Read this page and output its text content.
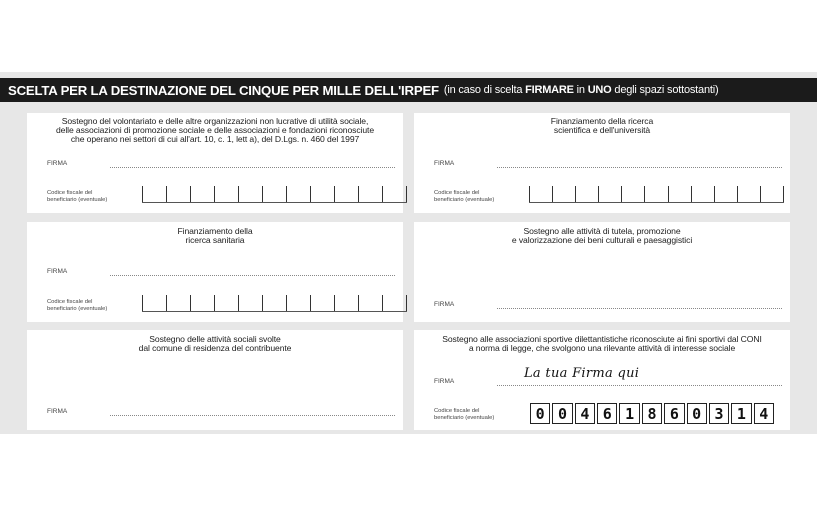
SCELTA PER LA DESTINAZIONE DEL CINQUE PER MILLE DELL'IRPEF (in caso di scelta FIRMARE in UNO degli spazi sottostanti)
Sostegno del volontariato e delle altre organizzazioni non lucrative di utilità sociale,
delle associazioni di promozione sociale e delle associazioni e fondazioni riconosciute
che operano nei settori di cui all'art. 10, c. 1, lett a), del D.Lgs. n. 460 del 1997
FIRMA
Codice fiscale del
beneficiario (eventuale)
Finanziamento della ricerca
scientifica e dell'università
FIRMA
Codice fiscale del
beneficiario (eventuale)
Finanziamento della
ricerca sanitaria
FIRMA
Codice fiscale del
beneficiario (eventuale)
Sostegno alle attività di tutela, promozione
e valorizzazione dei beni culturali e paesaggistici
FIRMA
Sostegno delle attività sociali svolte
dal comune di residenza del contribuente
FIRMA
Sostegno alle associazioni sportive dilettantistiche riconosciute ai fini sportivi dal CONI
a norma di legge, che svolgono una rilevante attività di interesse sociale
La tua Firma qui
FIRMA
Codice fiscale del
beneficiario (eventuale)	0 0 4 6 1 8 6 0 3 1 4
